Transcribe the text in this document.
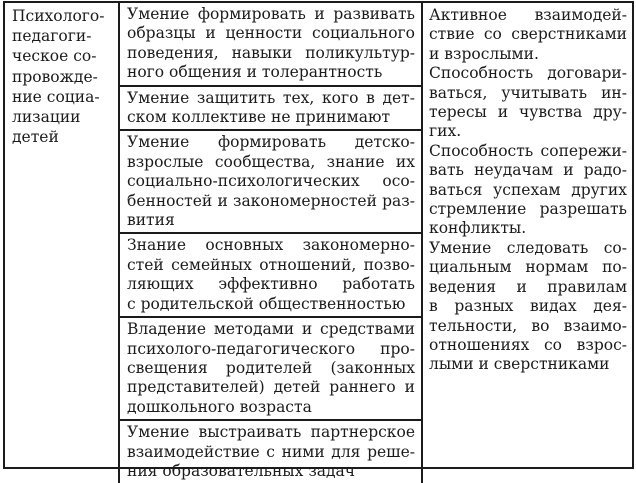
Психолого-
педагоги-
ческое со-
провожде-
ние социа-
лизации
детей
Умение формировать и развивать
образцы и ценности социального
поведения, навыки поликультур-
ного общения и толерантность
Умение защитить тех, кого в дет-
ском коллективе не принимают
Умение формировать детско-
взрослые сообщества, знание их
социально-психологических осо-
бенностей и закономерностей раз-
вития
Знание основных закономерно-
стей семейных отношений, позво-
ляющих эффективно работать
с родительской общественностью
Владение методами и средствами
психолого-педагогического про-
свещения родителей (законных
представителей) детей раннего и
дошкольного возраста
Умение выстраивать партнерское
взаимодействие с ними для реше-
ния образовательных задач
Активное взаимодей-
ствие со сверстниками
и взрослыми.
Способность договари-
ваться, учитывать ин-
тересы и чувства дру-
гих.
Способность сопережи-
вать неудачам и радо-
ваться успехам других
стремление разрешать
конфликты.
Умение следовать со-
циальным нормам по-
ведения и правилам
в разных видах дея-
тельности, во взаимо-
отношениях со взрос-
лыми и сверстниками
